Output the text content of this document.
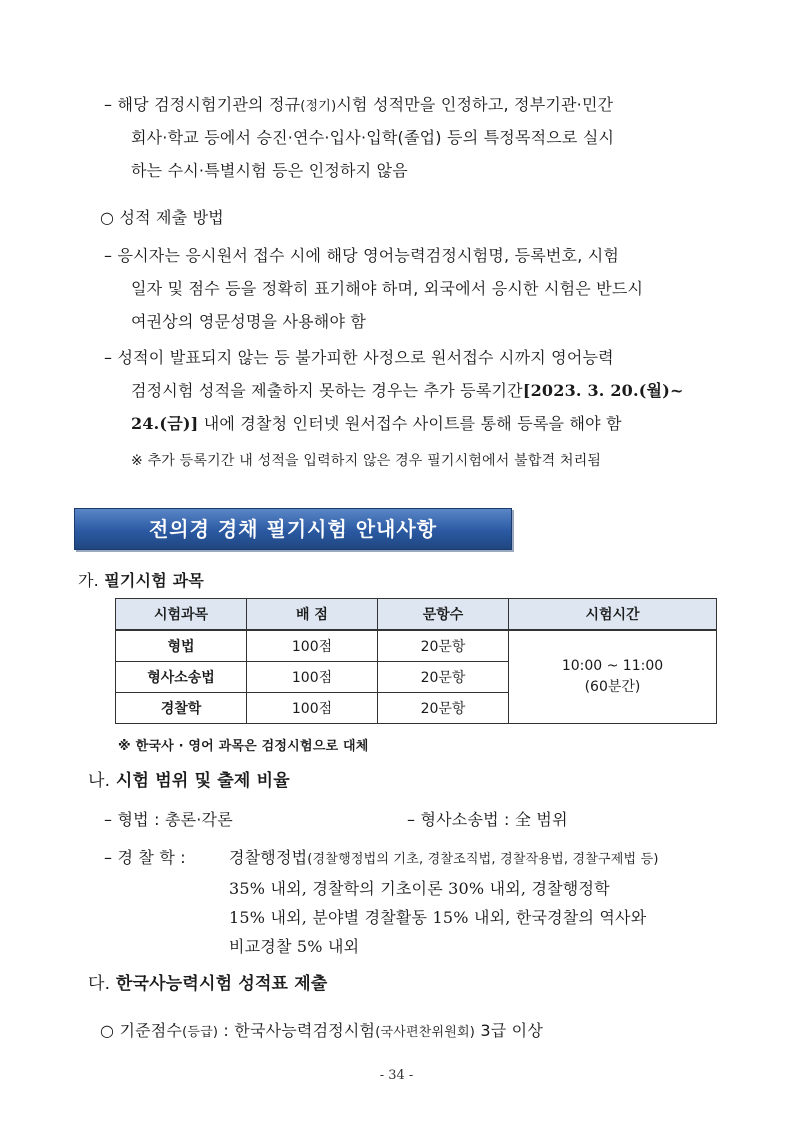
– 해당 검정시험기관의 정규(정기)시험 성적만을 인정하고, 정부기관·민간
회사·학교 등에서 승진·연수·입사·입학(졸업) 등의 특정목적으로 실시
하는 수시·특별시험 등은 인정하지 않음
○ 성적 제출 방법
– 응시자는 응시원서 접수 시에 해당 영어능력검정시험명, 등록번호, 시험
일자 및 점수 등을 정확히 표기해야 하며, 외국에서 응시한 시험은 반드시
여권상의 영문성명을 사용해야 함
– 성적이 발표되지 않는 등 불가피한 사정으로 원서접수 시까지 영어능력
검정시험 성적을 제출하지 못하는 경우는 추가 등록기간[2023. 3. 20.(월)~
24.(금)] 내에 경찰청 인터넷 원서접수 사이트를 통해 등록을 해야 함
※ 추가 등록기간 내 성적을 입력하지 않은 경우 필기시험에서 불합격 처리됨
전의경 경채 필기시험 안내사항
가. 필기시험 과목
시험과목	배 점	문항수	시험시간
형법	100점	20문항	10:00 ~ 11:00
(60분간)

형사소송법	100점	20문항	
경찰학	100점	20문항	
※ 한국사 · 영어 과목은 검정시험으로 대체
나. 시험 범위 및 출제 비율
– 형법 : 총론·각론	– 형사소송법 : 全 범위
– 경 찰 학 :	경찰행정법(경찰행정법의 기초, 경찰조직법, 경찰작용법, 경찰구제법 등)
35% 내외, 경찰학의 기초이론 30% 내외, 경찰행정학
15% 내외, 분야별 경찰활동 15% 내외, 한국경찰의 역사와
비교경찰 5% 내외
다. 한국사능력시험 성적표 제출
○ 기준점수(등급) : 한국사능력검정시험(국사편찬위원회) 3급 이상
- 34 -
